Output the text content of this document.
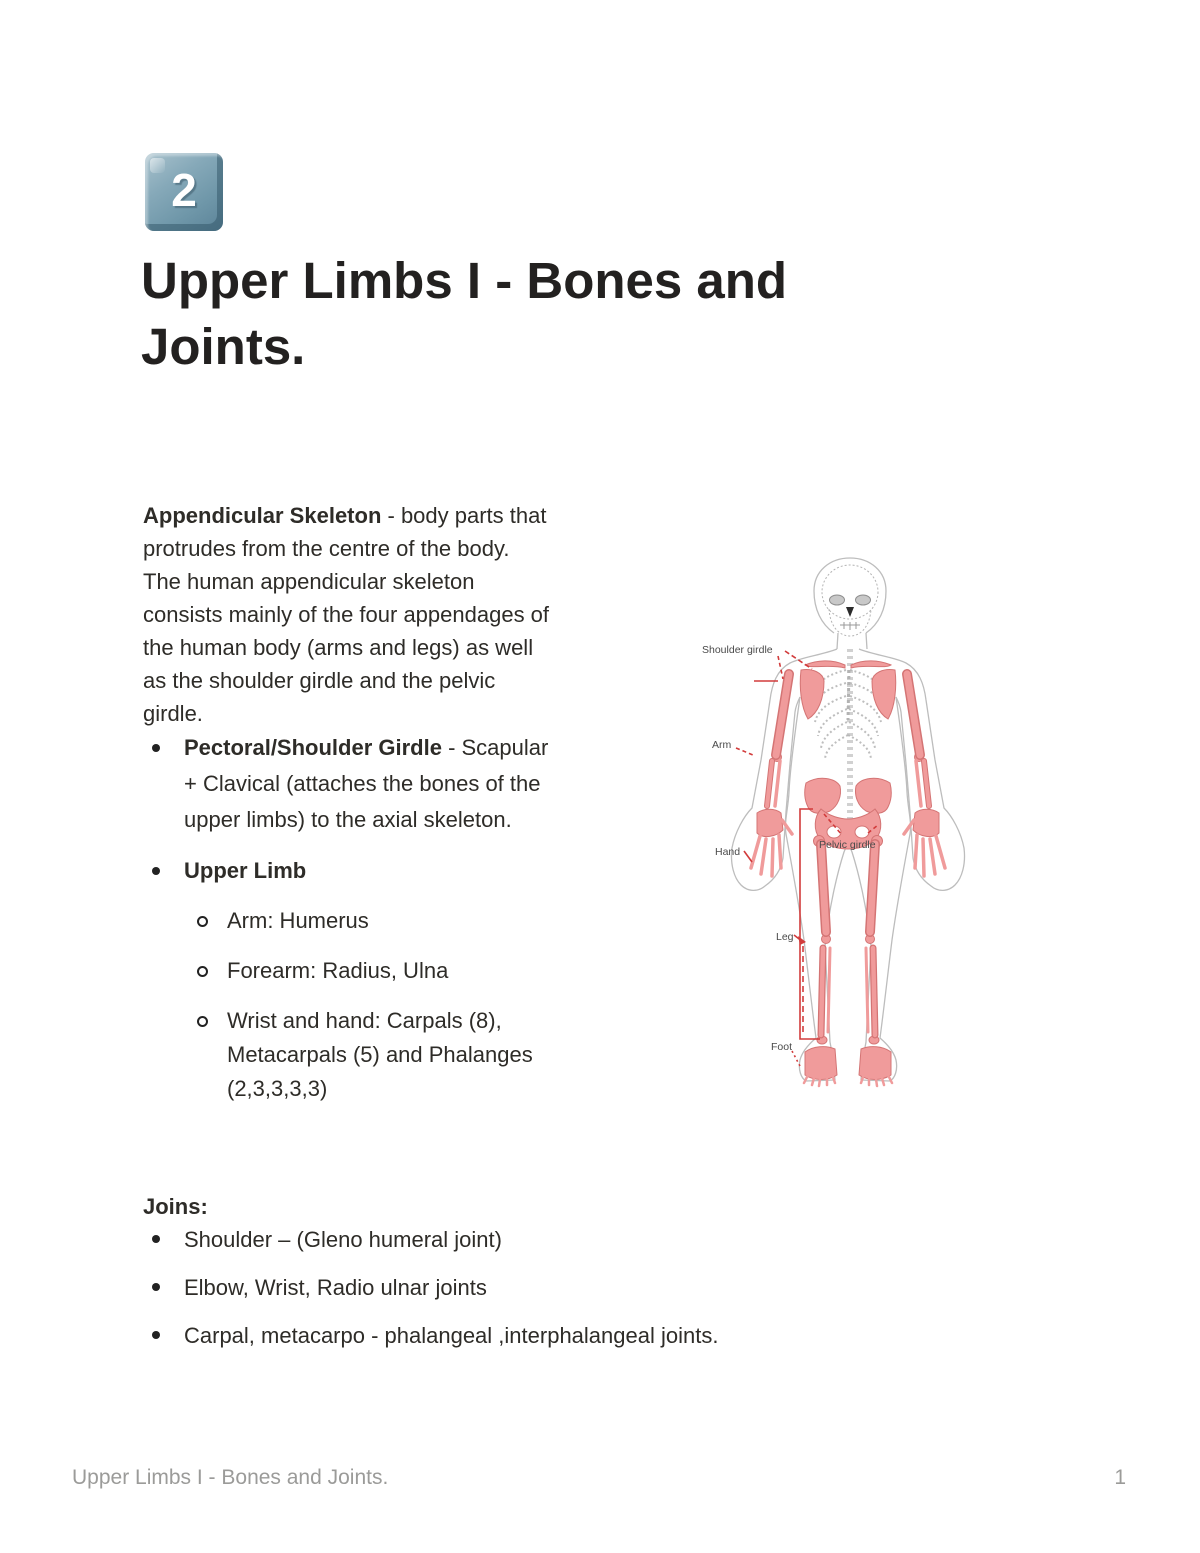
2
Upper Limbs I - Bones and
Joints.

Appendicular Skeleton - body parts that
protrudes from the centre of the body.
The human appendicular skeleton
consists mainly of the four appendages of
the human body (arms and legs) as well
as the shoulder girdle and the pelvic
girdle.

Pectoral/Shoulder Girdle - Scapular
+ Clavical (attaches the bones of the
upper limbs) to the axial skeleton.
Upper Limb
Arm: Humerus
Forearm: Radius, Ulna
Wrist and hand: Carpals (8),
Metacarpals (5) and Phalanges
(2,3,3,3,3)
Shoulder girdle
Arm
Hand
Pelvic girdle
Leg
Foot

Joins:

Shoulder – (Gleno humeral joint)
Elbow, Wrist, Radio ulnar joints
Carpal, metacarpo - phalangeal ,interphalangeal joints.
Upper Limbs I - Bones and Joints.	1
